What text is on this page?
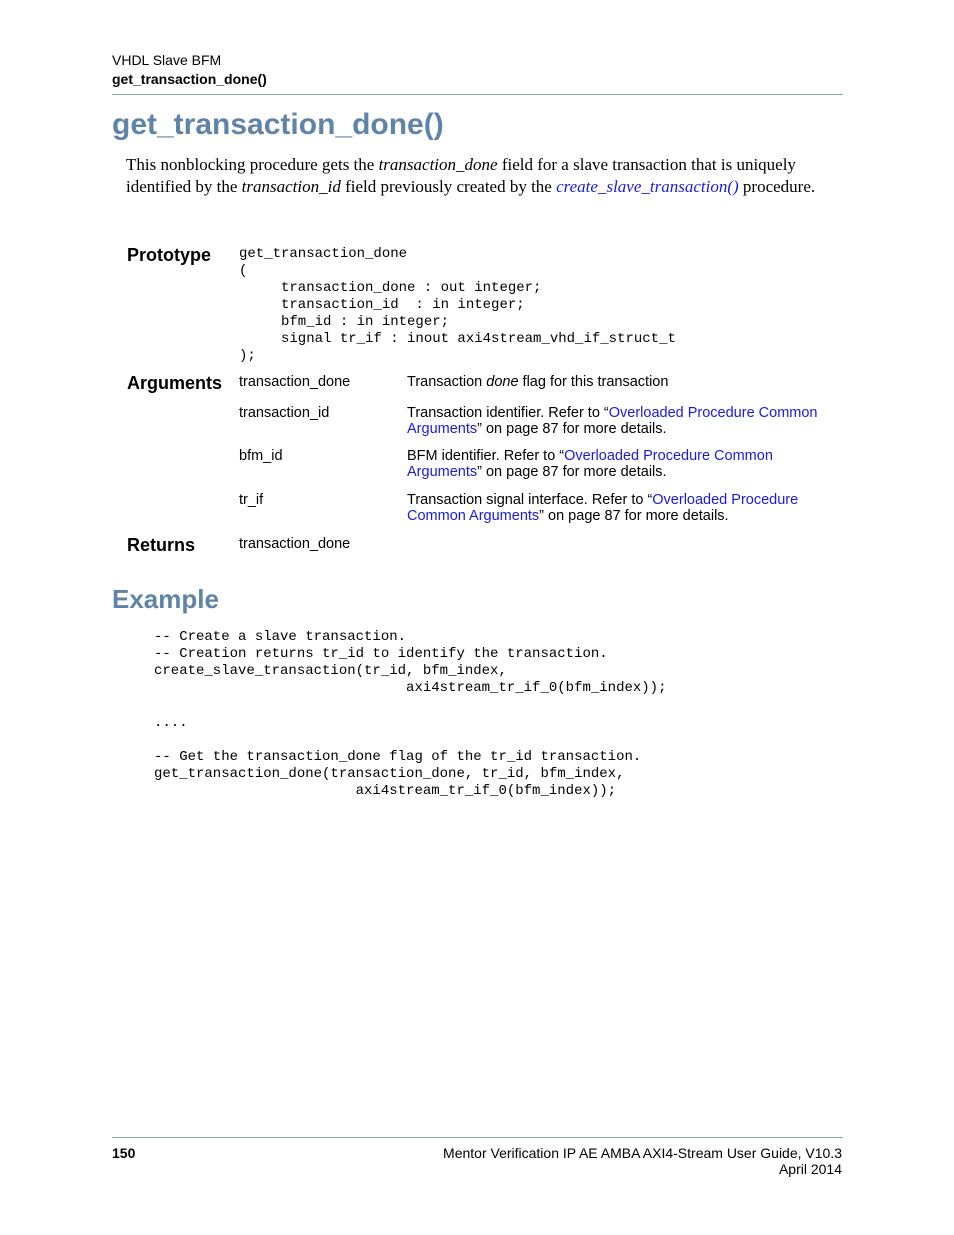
VHDL Slave BFM
get_transaction_done()
get_transaction_done()
This nonblocking procedure gets the transaction_done field for a slave transaction that is uniquely identified by the transaction_id field previously created by the create_slave_transaction() procedure.
Prototype get_transaction_done
(
transaction_done : out integer;
transaction_id  : in integer;
bfm_id : in integer;
signal tr_if : inout axi4stream_vhd_if_struct_t
);
Arguments transaction_done	Transaction done flag for this transaction
transaction_id	Transaction identifier. Refer to “Overloaded Procedure Common Arguments” on page 87 for more details.
bfm_id	BFM identifier. Refer to “Overloaded Procedure Common Arguments” on page 87 for more details.
tr_if	Transaction signal interface. Refer to “Overloaded Procedure Common Arguments” on page 87 for more details.
Returns	transaction_done
Example
-- Create a slave transaction.
-- Creation returns tr_id to identify the transaction.
create_slave_transaction(tr_id, bfm_index,
axi4stream_tr_if_0(bfm_index));
....
-- Get the transaction_done flag of the tr_id transaction.
get_transaction_done(transaction_done, tr_id, bfm_index,
axi4stream_tr_if_0(bfm_index));
150	Mentor Verification IP AE AMBA AXI4-Stream User Guide, V10.3
April 2014
